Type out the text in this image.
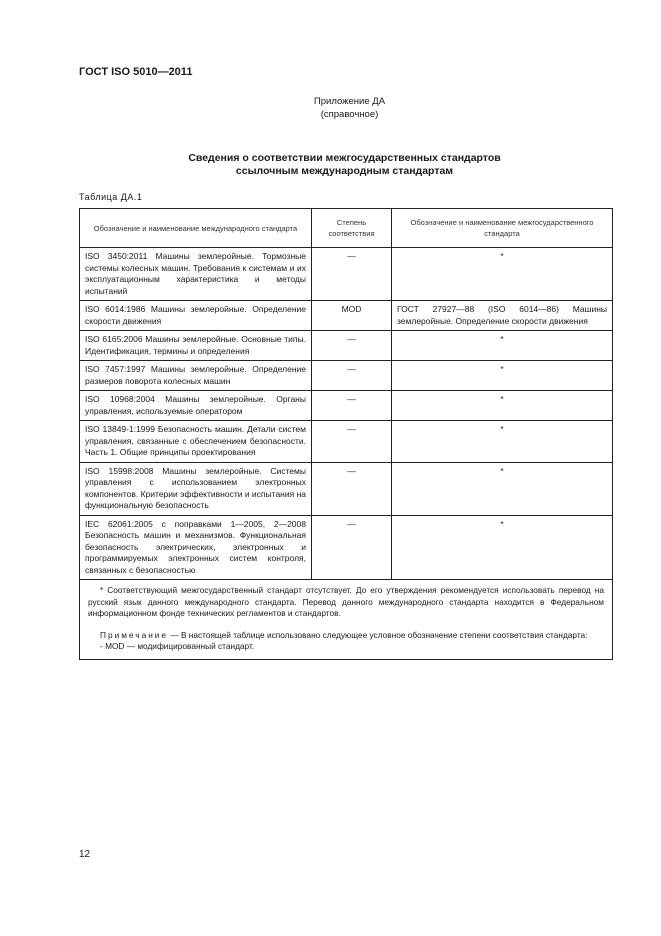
ГОСТ ISO 5010—2011
Приложение ДА
(справочное)
Сведения о соответствии межгосударственных стандартов
ссылочным международным стандартам
Таблица ДА.1
Обозначение и наименование международного стандарта	Степень соответствия	Обозначение и наименование межгосударственного стандарта
ISO 3450:2011 Машины землеройные. Тормозные системы колесных машин. Требования к системам и их эксплуатационным характеристика и методы испытаний	—	*
ISO 6014:1986 Машины землеройные. Определение скорости движения	MOD	ГОСТ 27927—88 (ISO 6014—86) Машины землеройные. Определение скорости движения
ISO 6165:2006 Машины землеройные. Основные типы. Идентификация, термины и определения	—	*
ISO 7457:1997 Машины землеройные. Определение размеров поворота колесных машин	—	*
ISO 10968:2004 Машины землеройные. Органы управления, используемые оператором	—	*
ISO 13849-1:1999 Безопасность машин. Детали систем управления, связанные с обеспечением безопасности. Часть 1. Общие принципы проектирования	—	*
ISO 15998:2008 Машины землеройные. Системы управления с использованием электронных компонентов. Критерии эффективности и испытания на функциональную безопасность	—	*
IEC 62061:2005 с поправками 1—2005, 2—2008 Безопасность машин и механизмов. Функциональная безопасность электрических, электронных и программируемых электронных систем контроля, связанных с безопасностью	—	*

* Соответствующий межгосударственный стандарт отсутствует. До его утверждения рекомендуется использовать перевод на русский язык данного международного стандарта. Перевод данного международного стандарта находится в Федеральном информационном фонде технических регламентов и стандартов.

Примечание — В настоящей таблице использовано следующее условное обозначение степени соответствия стандарта:

- MOD — модифицированный стандарт.		

12
